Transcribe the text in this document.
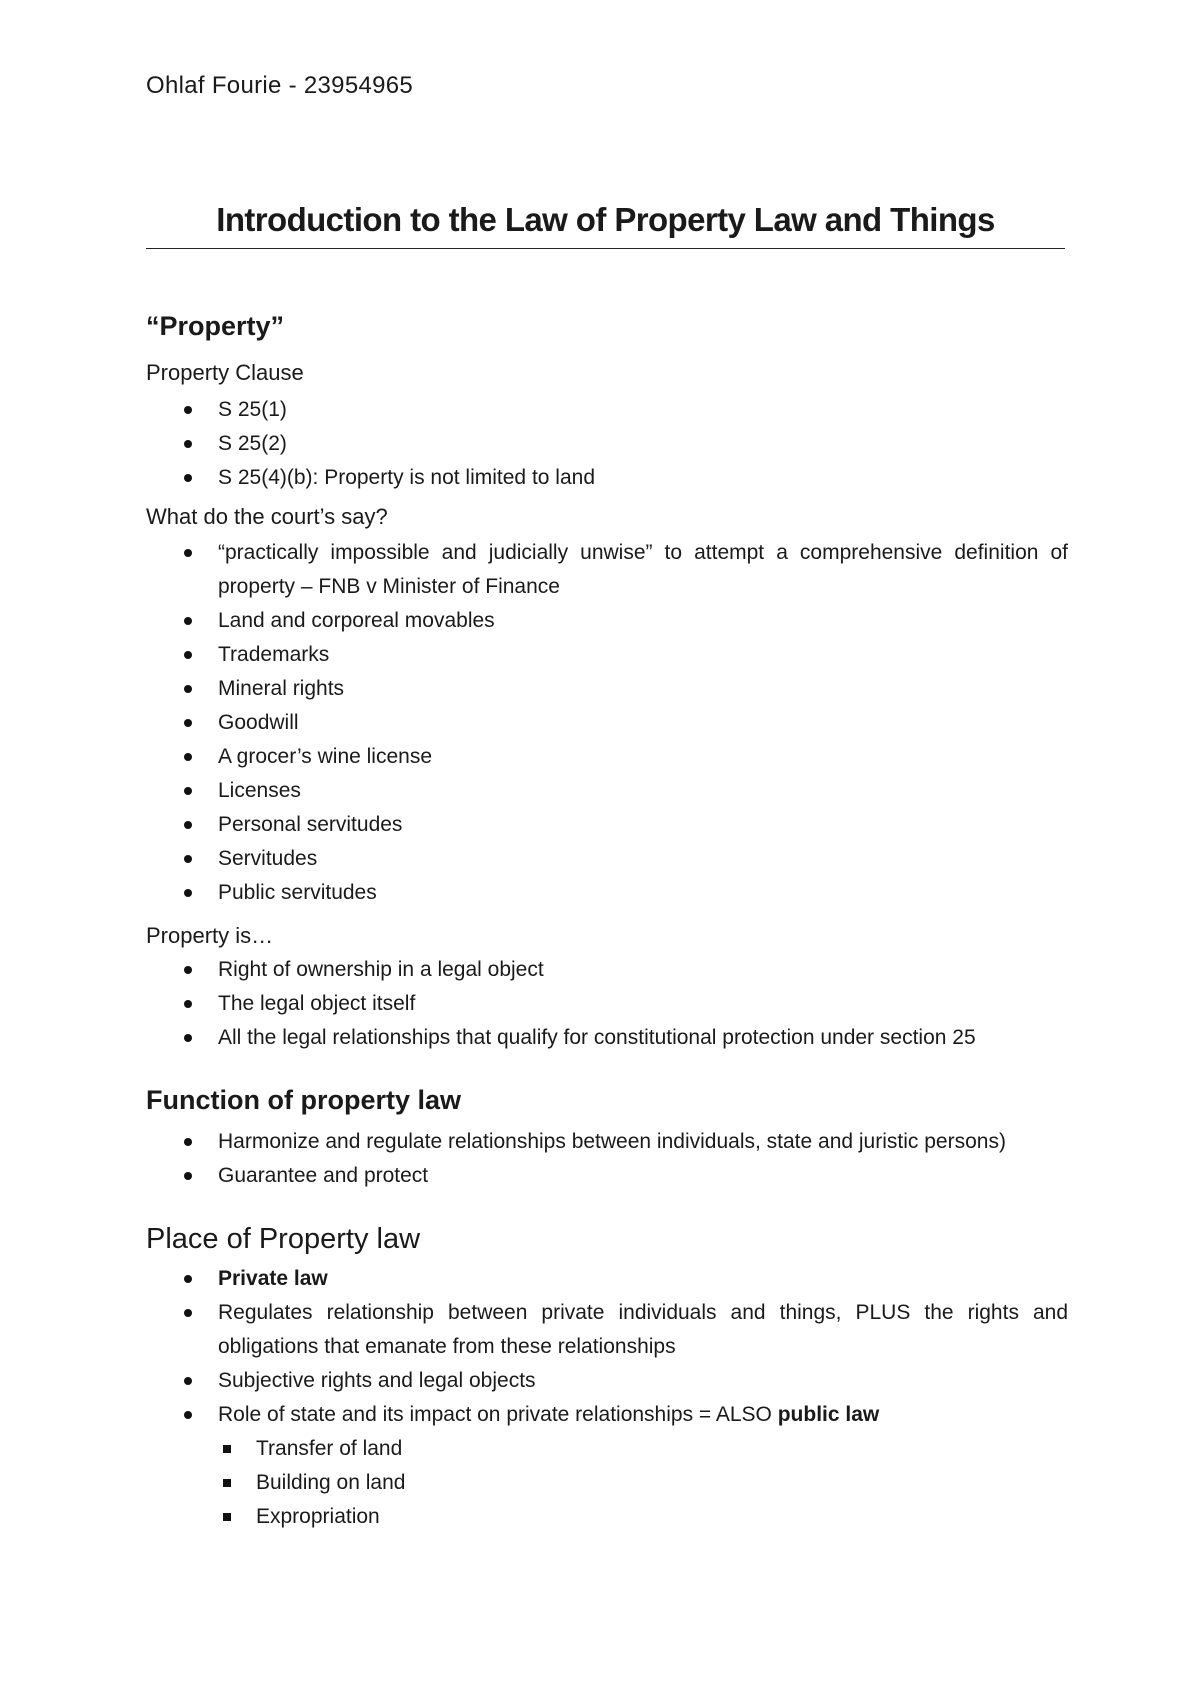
Ohlaf Fourie - 23954965
Introduction to the Law of Property Law and Things
“Property”

Property Clause

S 25(1)
S 25(2)
S 25(4)(b): Property is not limited to land

What do the court’s say?

“practically impossible and judicially unwise” to attempt a comprehensive definition of property – FNB v Minister of Finance
Land and corporeal movables
Trademarks
Mineral rights
Goodwill
A grocer’s wine license
Licenses
Personal servitudes
Servitudes
Public servitudes

Property is…

Right of ownership in a legal object
The legal object itself
All the legal relationships that qualify for constitutional protection under section 25
Function of property law
Harmonize and regulate relationships between individuals, state and juristic persons)
Guarantee and protect
Place of Property law
Private law
Regulates relationship between private individuals and things, PLUS the rights and obligations that emanate from these relationships
Subjective rights and legal objects
Role of state and its impact on private relationships = ALSO public law
Transfer of land
Building on land
Expropriation
